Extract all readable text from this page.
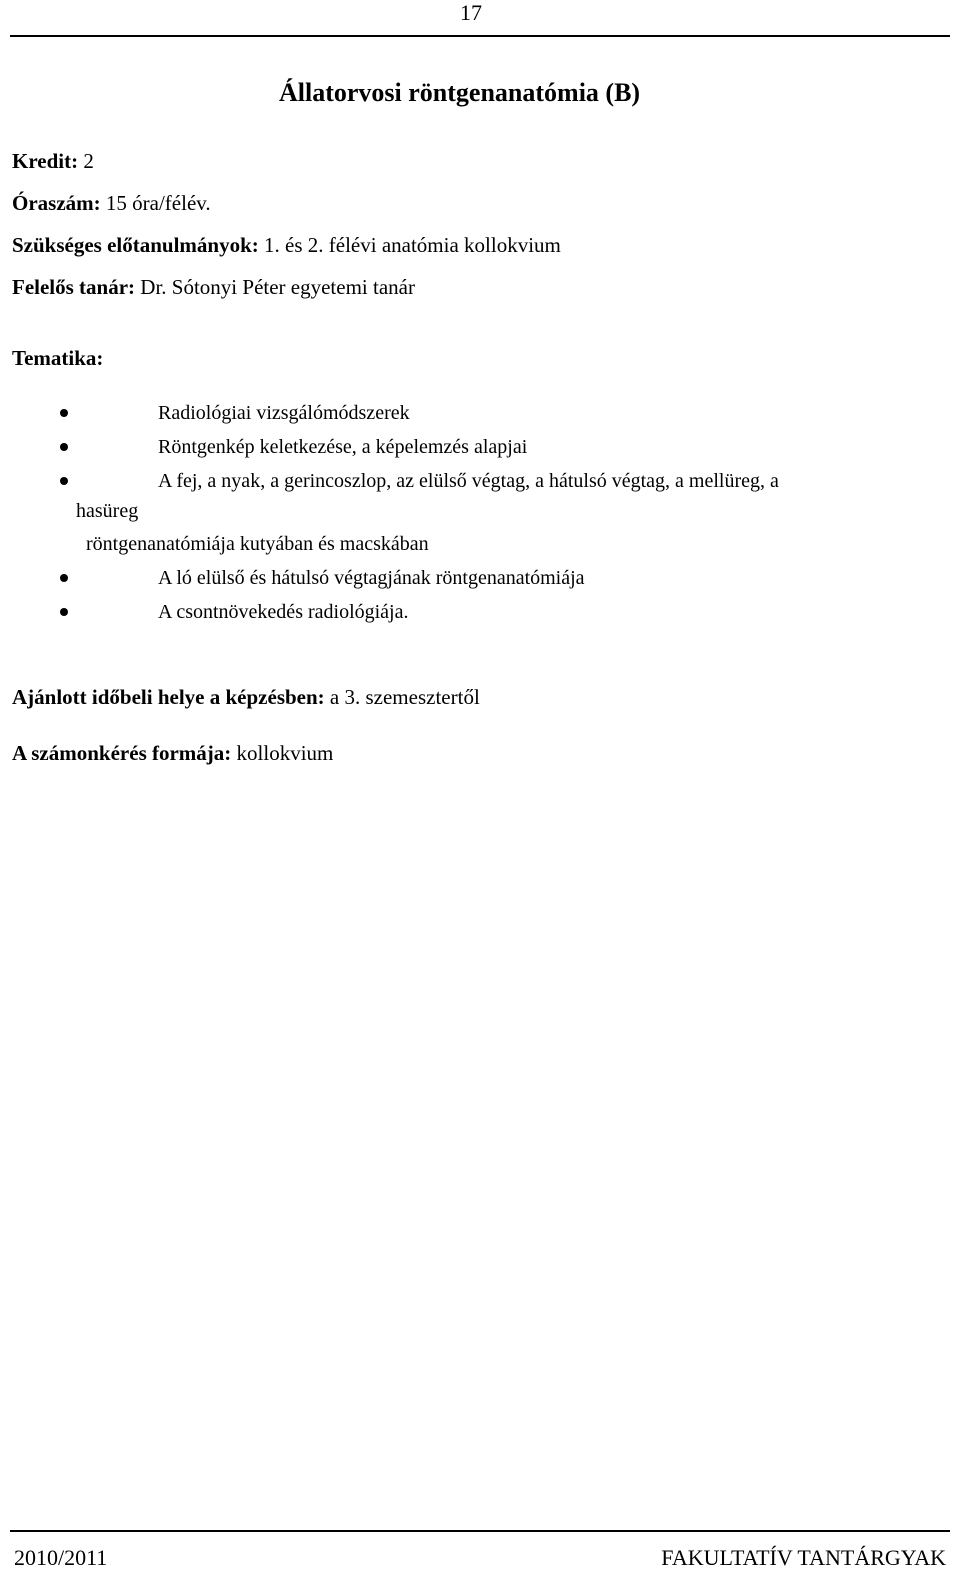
17
Állatorvosi röntgenanatómia (B)
Kredit: 2
Óraszám: 15 óra/félév.
Szükséges előtanulmányok: 1. és 2. félévi anatómia kollokvium
Felelős tanár: Dr. Sótonyi Péter egyetemi tanár
Tematika:
Radiológiai vizsgálómódszerek
Röntgenkép keletkezése, a képelemzés alapjai
A fej, a nyak, a gerincoszlop, az elülső végtag, a hátulsó végtag, a mellüreg, a
hasüreg
röntgenanatómiája kutyában és macskában
A ló elülső és hátulsó végtagjának röntgenanatómiája
A csontnövekedés radiológiája.
Ajánlott időbeli helye a képzésben: a 3. szemesztertől
A számonkérés formája: kollokvium
2010/2011	FAKULTATÍV TANTÁRGYAK
